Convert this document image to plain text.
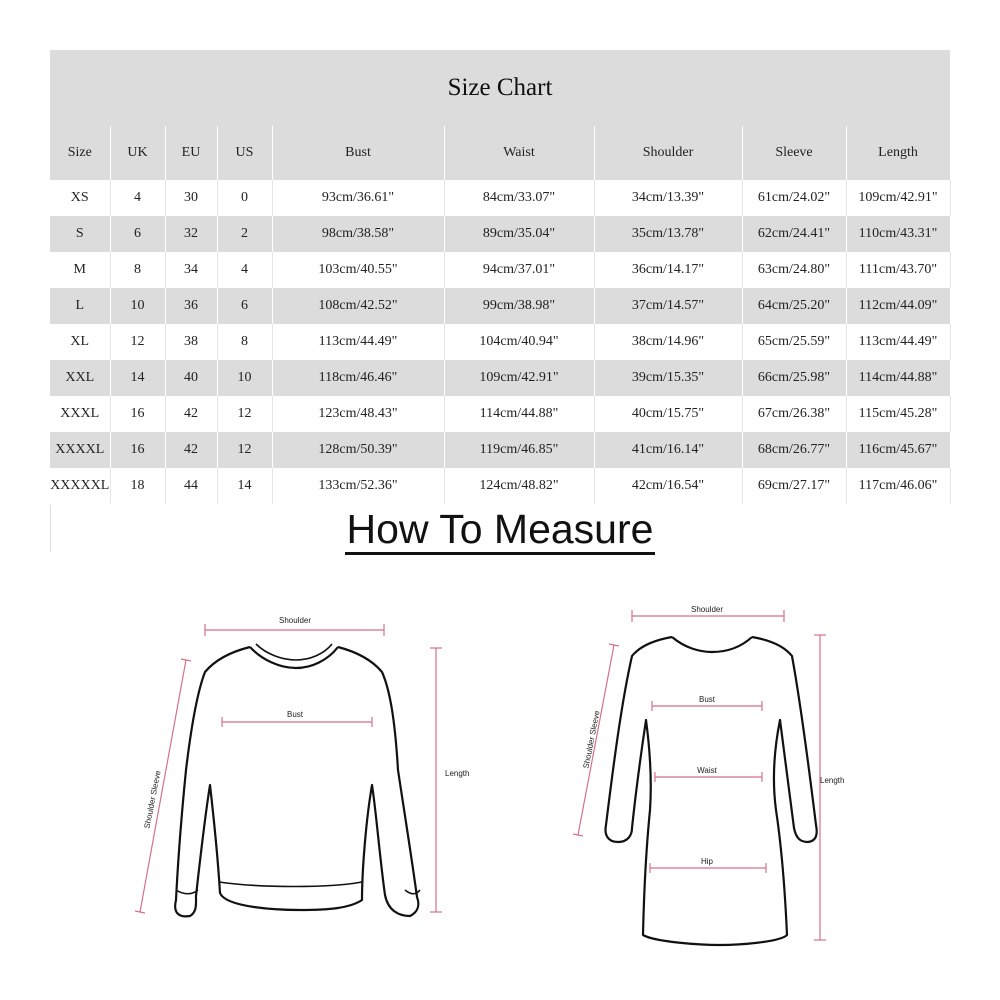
Size Chart
Size	UK	EU	US	Bust	Waist	Shoulder	Sleeve	Length
XS	4	30	0	93cm/36.61"	84cm/33.07"	34cm/13.39"	61cm/24.02"	109cm/42.91"
S	6	32	2	98cm/38.58"	89cm/35.04"	35cm/13.78"	62cm/24.41"	110cm/43.31"
M	8	34	4	103cm/40.55"	94cm/37.01"	36cm/14.17"	63cm/24.80"	111cm/43.70"
L	10	36	6	108cm/42.52"	99cm/38.98"	37cm/14.57"	64cm/25.20"	112cm/44.09"
XL	12	38	8	113cm/44.49"	104cm/40.94"	38cm/14.96"	65cm/25.59"	113cm/44.49"
XXL	14	40	10	118cm/46.46"	109cm/42.91"	39cm/15.35"	66cm/25.98"	114cm/44.88"
XXXL	16	42	12	123cm/48.43"	114cm/44.88"	40cm/15.75"	67cm/26.38"	115cm/45.28"
XXXXL	16	42	12	128cm/50.39"	119cm/46.85"	41cm/16.14"	68cm/26.77"	116cm/45.67"
XXXXXL	18	44	14	133cm/52.36"	124cm/48.82"	42cm/16.54"	69cm/27.17"	117cm/46.06"
How To Measure
Shoulder
Bust
Length
Shoulder Sleeve
Shoulder
Bust
Waist
Hip
Length
Shoulder Sleeve
